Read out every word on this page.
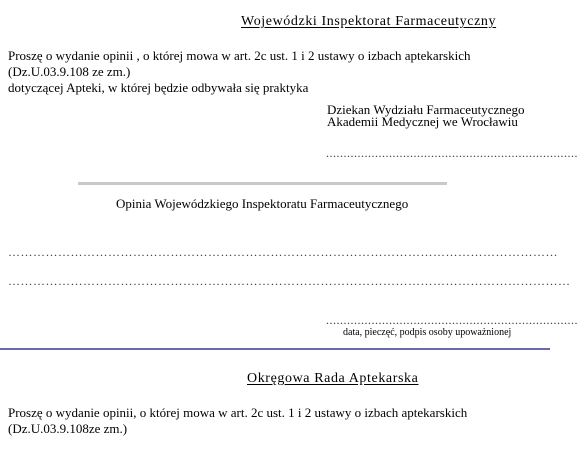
Wojewódzki Inspektorat Farmaceutyczny
Proszę o wydanie opinii , o której mowa w art. 2c ust. 1 i 2 ustawy o izbach aptekarskich
(Dz.U.03.9.108 ze zm.)
dotyczącej Apteki, w której będzie odbywała się praktyka
Dziekan Wydziału Farmaceutycznego
Akademii Medycznej we Wrocławiu
........................................................................
Opinia Wojewódzkiego Inspektoratu Farmaceutycznego
……………………………………………………………………………………………………………………
………………………………………………………………………………………………………………………
........................................................................
data, pieczęć, podpis osoby upoważnionej
Okręgowa Rada Aptekarska
Proszę o wydanie opinii, o której mowa w art. 2c ust. 1 i 2 ustawy o izbach aptekarskich
(Dz.U.03.9.108ze zm.)
